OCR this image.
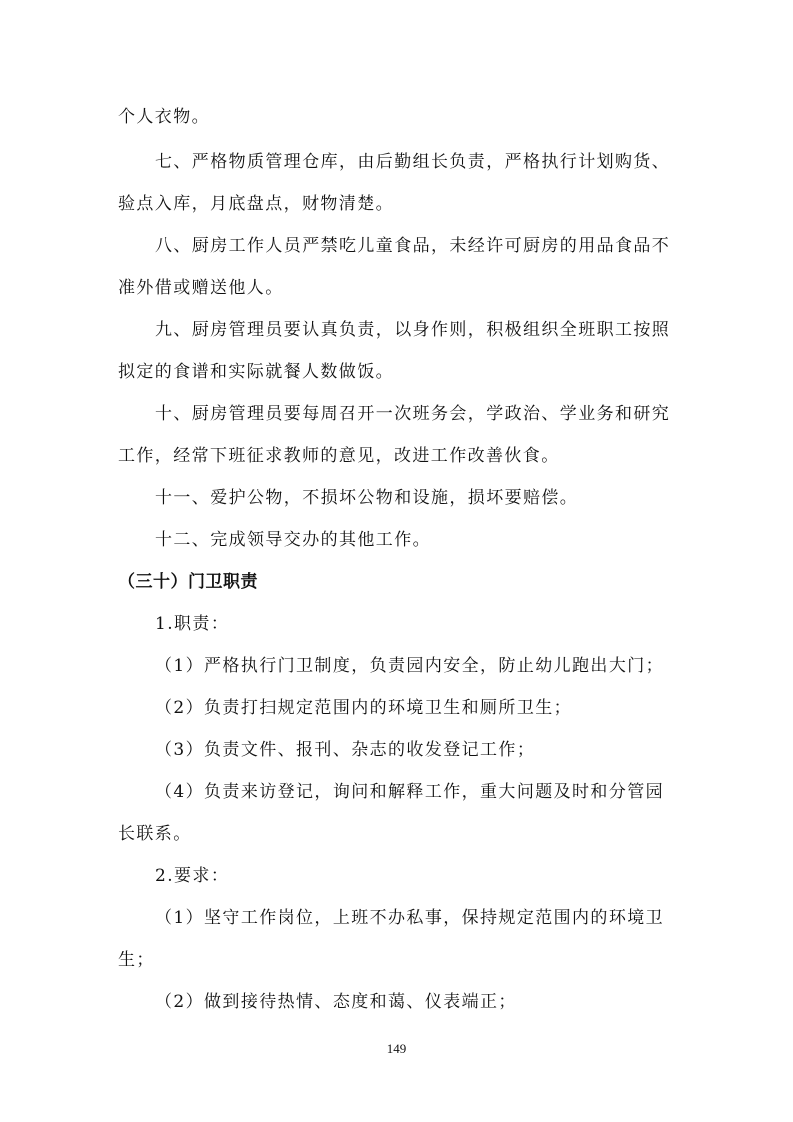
个人衣物。
七、严格物质管理仓库，由后勤组长负责，严格执行计划购货、
验点入库，月底盘点，财物清楚。
八、厨房工作人员严禁吃儿童食品，未经许可厨房的用品食品不
准外借或赠送他人。
九、厨房管理员要认真负责，以身作则，积极组织全班职工按照
拟定的食谱和实际就餐人数做饭。
十、厨房管理员要每周召开一次班务会，学政治、学业务和研究
工作，经常下班征求教师的意见，改进工作改善伙食。
十一、爱护公物，不损坏公物和设施，损坏要赔偿。
十二、完成领导交办的其他工作。
（三十）门卫职责
1.职责：
（1）严格执行门卫制度，负责园内安全，防止幼儿跑出大门；
（2）负责打扫规定范围内的环境卫生和厕所卫生；
（3）负责文件、报刊、杂志的收发登记工作；
（4）负责来访登记，询问和解释工作，重大问题及时和分管园
长联系。
2.要求：
（1）坚守工作岗位，上班不办私事，保持规定范围内的环境卫
生；
（2）做到接待热情、态度和蔼、仪表端正；
149
